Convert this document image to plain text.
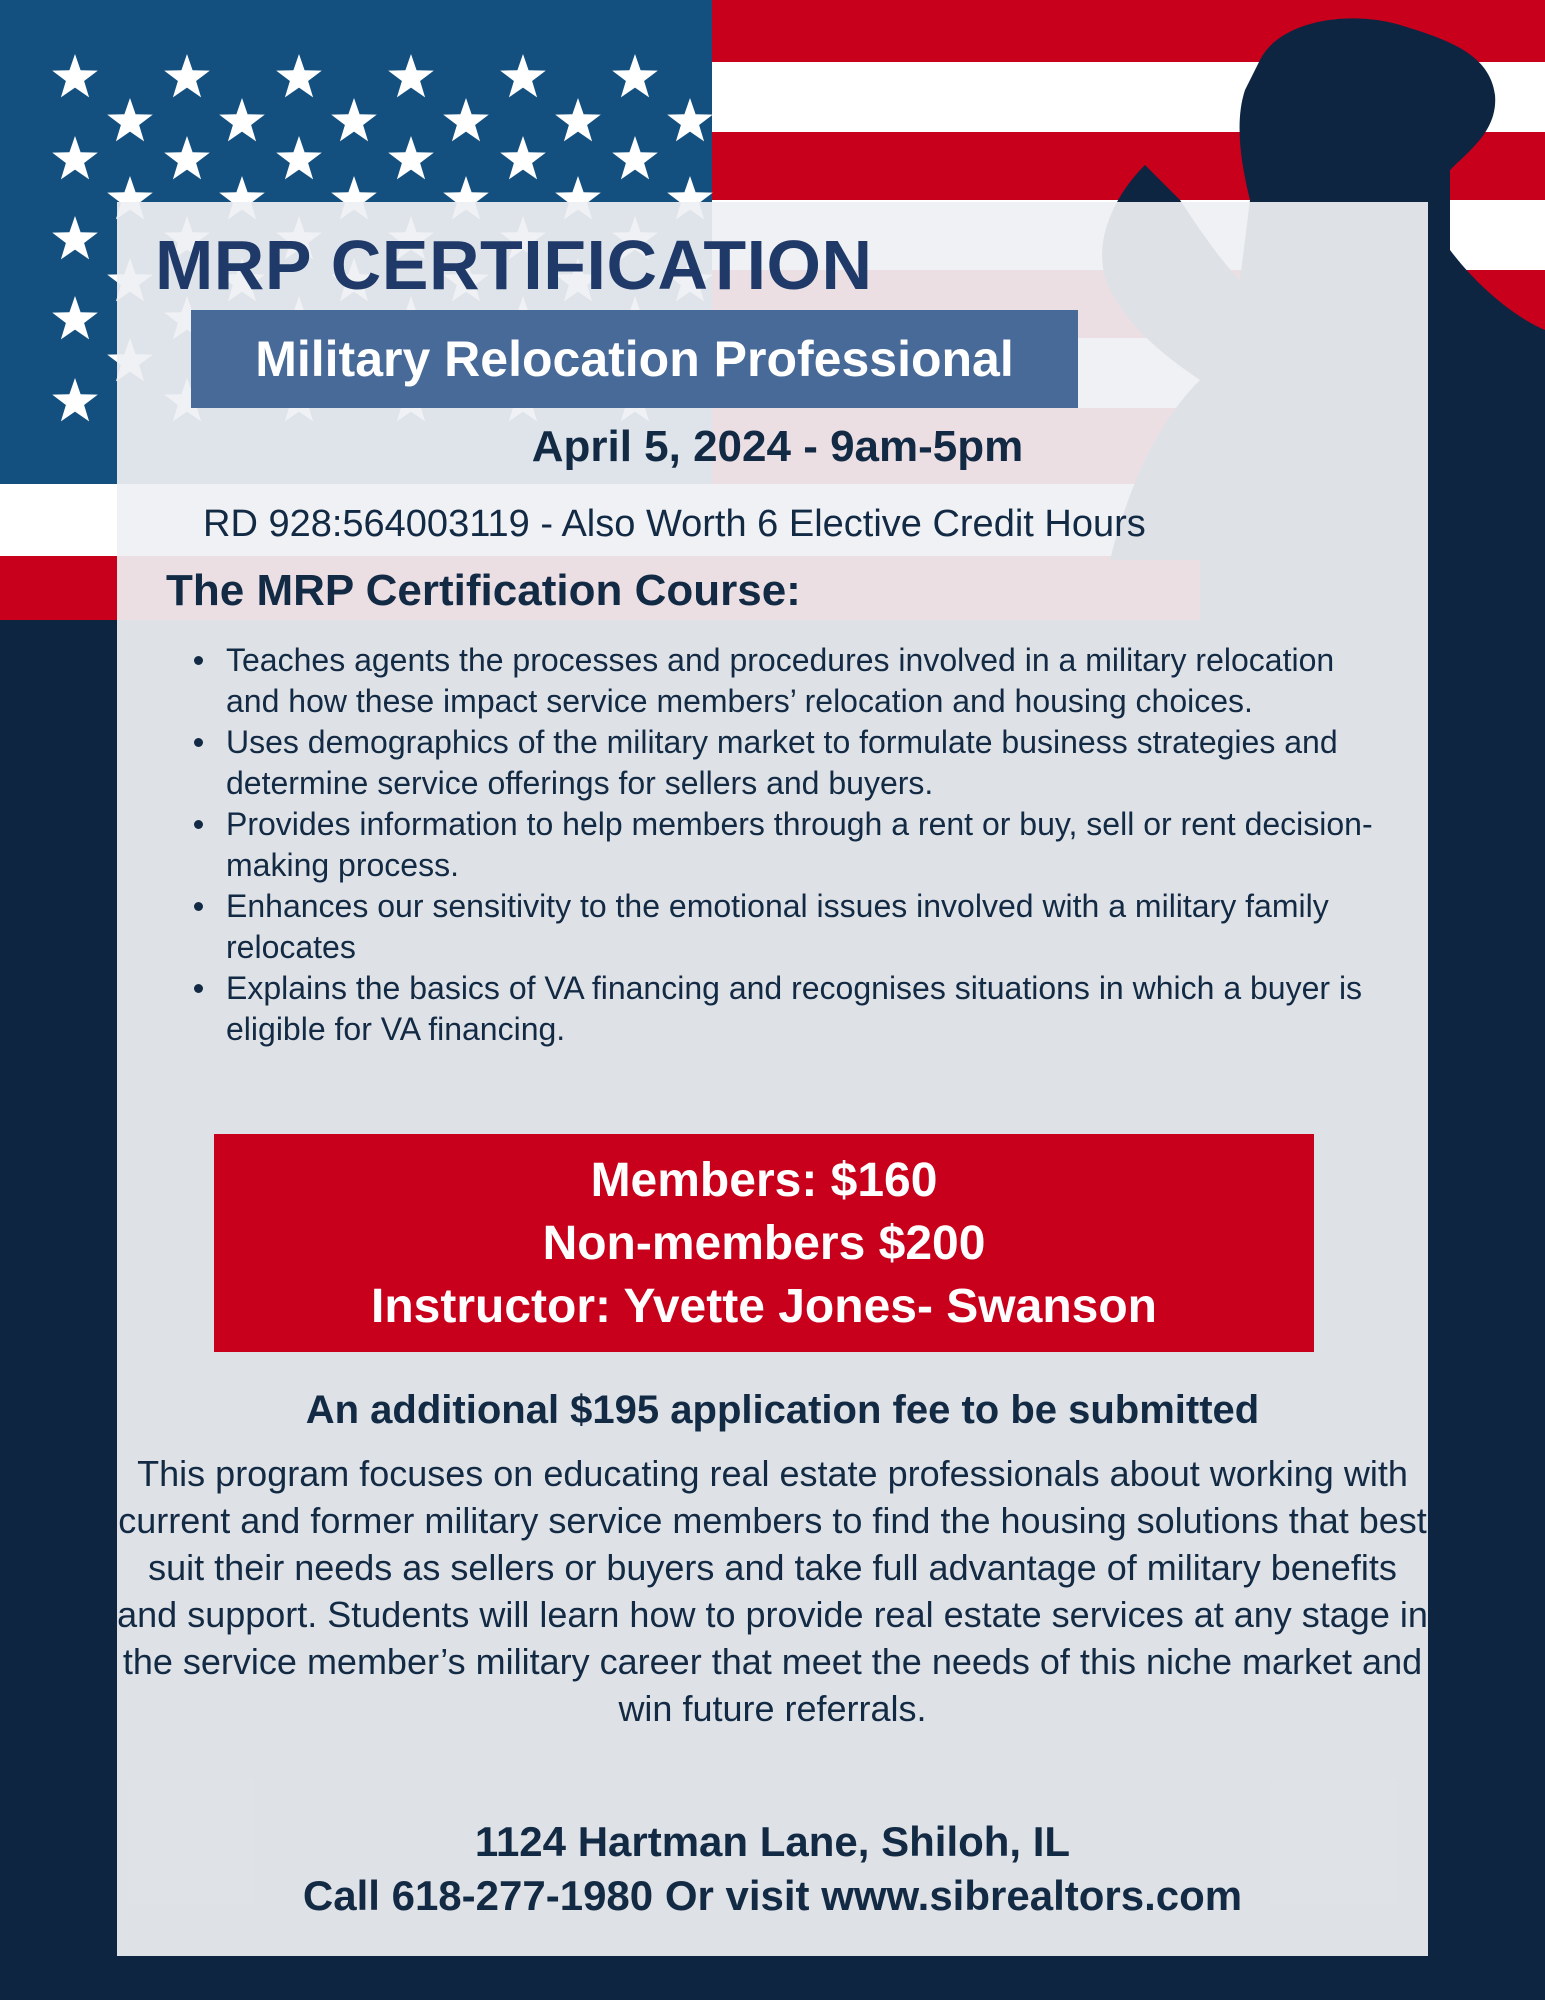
MRP CERTIFICATION
Military Relocation Professional
April 5, 2024 - 9am-5pm
RD 928:564003119 - Also Worth 6 Elective Credit Hours
The MRP Certification Course:
Teaches agents the processes and procedures involved in a military relocation and how these impact service members’ relocation and housing choices.
Uses demographics of the military market to formulate business strategies and determine service offerings for sellers and buyers.
Provides information to help members through a rent or buy, sell or rent decision-making process.
Enhances our sensitivity to the emotional issues involved with a military family relocates
Explains the basics of VA financing and recognises situations in which a buyer is eligible for VA financing.
Members: $160
Non-members $200
Instructor: Yvette Jones- Swanson
An additional $195 application fee to be submitted
This program focuses on educating real estate professionals about working with current and former military service members to find the housing solutions that best suit their needs as sellers or buyers and take full advantage of military benefits and support. Students will learn how to provide real estate services at any stage in the service member’s military career that meet the needs of this niche market and win future referrals.
1124 Hartman Lane, Shiloh, IL
Call 618-277-1980 Or visit www.sibrealtors.com
